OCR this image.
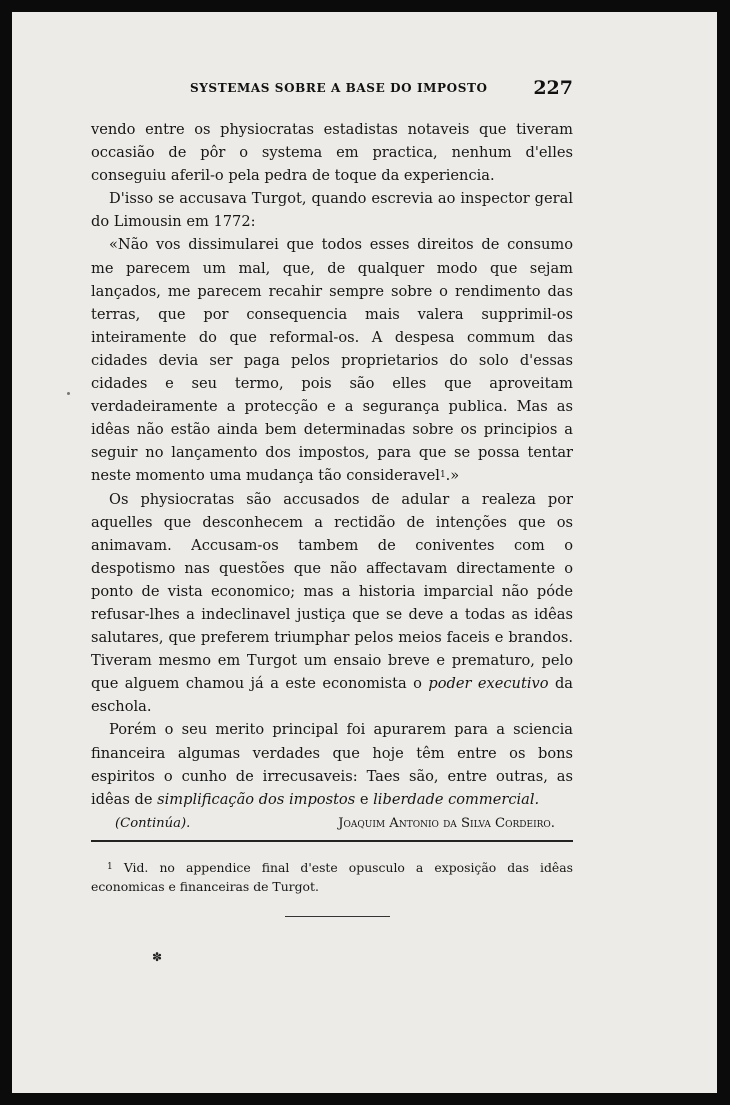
SYSTEMAS SOBRE A BASE DO IMPOSTO 227

vendo entre os physiocratas estadistas notaveis que tiveram occasião de pôr o systema em practica, nenhum d'elles conseguiu aferil-o pela pedra de toque da experiencia.

D'isso se accusava Turgot, quando escrevia ao inspector geral do Limousin em 1772:

«Não vos dissimularei que todos esses direitos de consumo me parecem um mal, que, de qualquer modo que sejam lançados, me parecem recahir sempre sobre o rendimento das terras, que por consequencia mais valera supprimil-os inteiramente do que reformal-os. A despesa commum das cidades devia ser paga pelos proprietarios do solo d'essas cidades e seu termo, pois são elles que aproveitam verdadeiramente a protecção e a segurança publica. Mas as idêas não estão ainda bem determinadas sobre os principios a seguir no lançamento dos impostos, para que se possa tentar neste momento uma mudança tão consideravel$^1$.»

Os physiocratas são accusados de adular a realeza por aquelles que desconhecem a rectidão de intenções que os animavam. Accusam-os tambem de coniventes com o despotismo nas questões que não affectavam directamente o ponto de vista economico; mas a historia imparcial não póde refusar-lhes a indeclinavel justiça que se deve a todas as idêas salutares, que preferem triumphar pelos meios faceis e brandos. Tiveram mesmo em Turgot um ensaio breve e prematuro, pelo que alguem chamou já a este economista o poder executivo da eschola.

Porém o seu merito principal foi apurarem para a sciencia financeira algumas verdades que hoje têm entre os bons espiritos o cunho de irrecusaveis: Taes são, entre outras, as idêas de simplificação dos impostos e liberdade commercial.

(Continúa).	Joaquim Antonio da Silva Cordeiro.

$^1$ Vid. no appendice final d'este opusculo a exposição das idêas economicas e financeiras de Turgot.

✽
